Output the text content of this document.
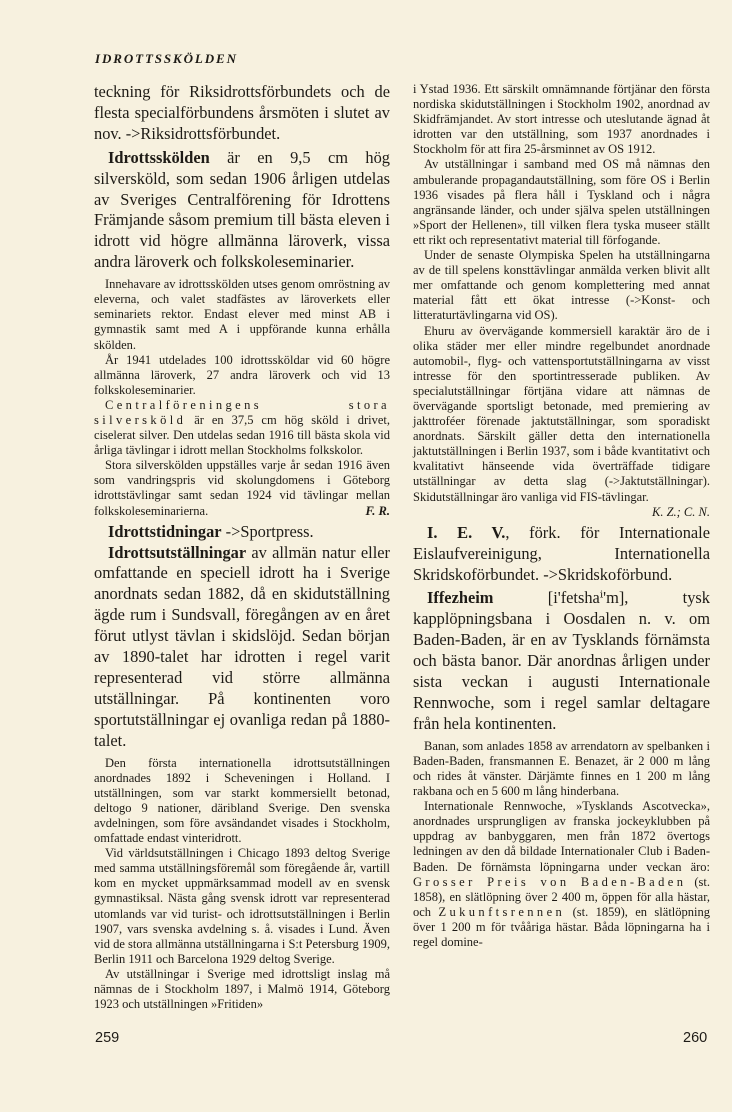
IDROTTSSKÖLDEN

teckning för Riksidrottsförbundets och de flesta specialförbundens årsmöten i slutet av nov. ->Riksidrottsförbundet.

Idrottsskölden är en 9,5 cm hög silversköld, som sedan 1906 årligen utdelas av Sveriges Centralförening för Idrottens Främjande såsom premium till bästa eleven i idrott vid högre allmänna läroverk, vissa andra läroverk och folkskoleseminarier.

Innehavare av idrottsskölden utses genom omröstning av eleverna, och valet stadfästes av läroverkets eller seminariets rektor. Endast elever med minst AB i gymnastik samt med A i uppförande kunna erhålla skölden.

År 1941 utdelades 100 idrottssköldar vid 60 högre allmänna läroverk, 27 andra läroverk och vid 13 folkskoleseminarier.

Centralföreningens stora silversköld är en 37,5 cm hög sköld i drivet, ciselerat silver. Den utdelas sedan 1916 till bästa skola vid årliga tävlingar i idrott mellan Stockholms folkskolor.

Stora silverskölden uppställes varje år sedan 1916 även som vandringspris vid skolungdomens i Göteborg idrottstävlingar samt sedan 1924 vid tävlingar mellan folkskoleseminarierna.	F. R.

Idrottstidningar ->Sportpress.

Idrottsutställningar av allmän natur eller omfattande en speciell idrott ha i Sverige anordnats sedan 1882, då en skidutställning ägde rum i Sundsvall, föregången av en året förut utlyst tävlan i skidslöjd. Sedan början av 1890-talet har idrotten i regel varit representerad vid större allmänna utställningar. På kontinenten voro sportutställningar ej ovanliga redan på 1880-talet.

Den första internationella idrottsutställningen anordnades 1892 i Scheveningen i Holland. I utställningen, som var starkt kommersiellt betonad, deltogo 9 nationer, däribland Sverige. Den svenska avdelningen, som före avsändandet visades i Stockholm, omfattade endast vinteridrott.

Vid världsutställningen i Chicago 1893 deltog Sverige med samma utställningsföremål som föregående år, vartill kom en mycket uppmärksammad modell av en svensk gymnastiksal. Nästa gång svensk idrott var representerad utomlands var vid turist- och idrottsutställningen i Berlin 1907, vars svenska avdelning s. å. visades i Lund. Även vid de stora allmänna utställningarna i S:t Petersburg 1909, Berlin 1911 och Barcelona 1929 deltog Sverige.

Av utställningar i Sverige med idrottsligt inslag må nämnas de i Stockholm 1897, i Malmö 1914, Göteborg 1923 och utställningen »Fritiden»

i Ystad 1936. Ett särskilt omnämnande förtjänar den första nordiska skidutställningen i Stockholm 1902, anordnad av Skidfrämjandet. Av stort intresse och uteslutande ägnad åt idrotten var den utställning, som 1937 anordnades i Stockholm för att fira 25-årsminnet av OS 1912.

Av utställningar i samband med OS må nämnas den ambulerande propagandautställning, som före OS i Berlin 1936 visades på flera håll i Tyskland och i några angränsande länder, och under själva spelen utställningen »Sport der Hellenen», till vilken flera tyska museer ställt ett rikt och representativt material till förfogande.

Under de senaste Olympiska Spelen ha utställningarna av de till spelens konsttävlingar anmälda verken blivit allt mer omfattande och genom komplettering med annat material fått ett ökat intresse (->Konst- och litteraturtävlingarna vid OS).

Ehuru av övervägande kommersiell karaktär äro de i olika städer mer eller mindre regelbundet anordnade automobil-, flyg- och vattensportutställningarna av visst intresse för den sportintresserade publiken. Av specialutställningar förtjäna vidare att nämnas de övervägande sportsligt betonade, med premiering av jakttroféer förenade jaktutställningar, som sporadiskt anordnats. Särskilt gäller detta den internationella jaktutställningen i Berlin 1937, som i både kvantitativt och kvalitativt hänseende vida överträffade tidigare utställningar av detta slag (->Jaktutställningar). Skidutställningar äro vanliga vid FIS-tävlingar.

K. Z.; C. N.

I. E. V., förk. för Internationale Eislaufvereinigung, Internationella Skridskoförbundet. ->Skridskoförbund.

Iffezheim [i'fetshaⁱ'm], tysk kapplöpningsbana i Oosdalen n. v. om Baden-Baden, är en av Tysklands förnämsta och bästa banor. Där anordnas årligen under sista veckan i augusti Internationale Rennwoche, som i regel samlar deltagare från hela kontinenten.

Banan, som anlades 1858 av arrendatorn av spelbanken i Baden-Baden, fransmannen E. Benazet, är 2 000 m lång och rides åt vänster. Därjämte finnes en 1 200 m lång rakbana och en 5 600 m lång hinderbana.

Internationale Rennwoche, »Tysklands Ascotvecka», anordnades ursprungligen av franska jockeyklubben på uppdrag av banbyggaren, men från 1872 övertogs ledningen av den då bildade Internationaler Club i Baden-Baden. De förnämsta löpningarna under veckan äro: Grosser Preis von Baden-Baden (st. 1858), en slätlöpning över 2 400 m, öppen för alla hästar, och Zukunftsrennen (st. 1859), en slätlöpning över 1 200 m för tvååriga hästar. Båda löpningarna ha i regel domine-

259	260
